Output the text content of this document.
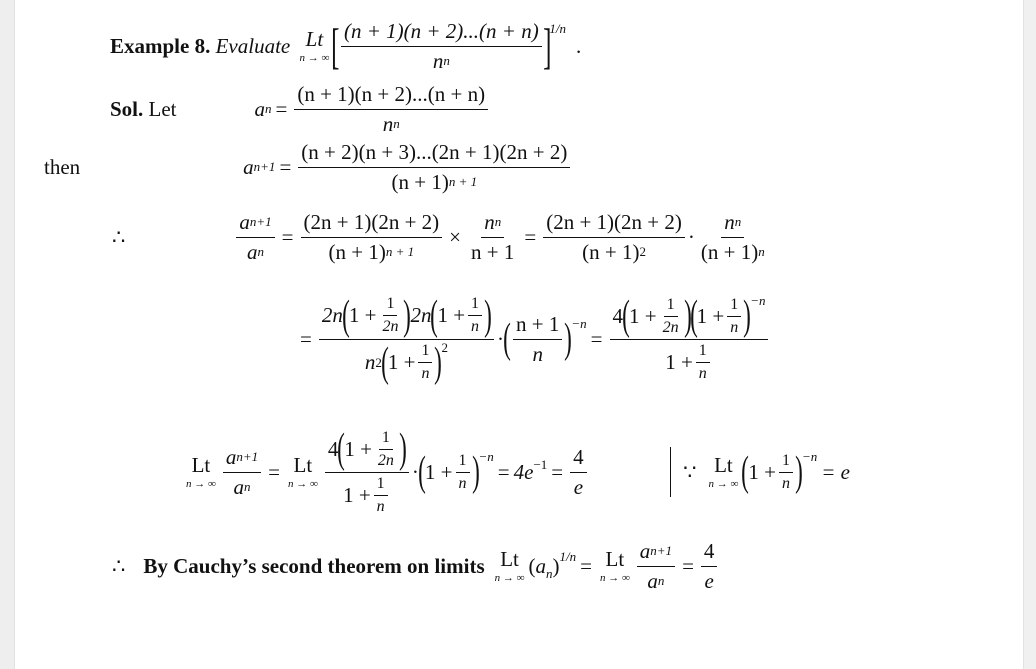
Example 8.
Evaluate
Lt
n → ∞ [ $\frac{(n + 1)(n + 2)...(n + n)}{\text{n n}}$ ]
1/n
.
Sol.
Let	a $n = \frac{(n + 1)(n + 2)...(n + n)}{\text{n n}}$
then	a $n+1 = \frac{(n + 2)(n + 3)...(2n + 1)(2n + 2)}{(n + 1) n + 1}$
∴	$\frac{\text{a n+1}}{\text{a n}} = \frac{(2n + 1)(2n + 2)}{(n + 1) n + 1} \times \frac{\text{n n}}{n + 1} = \frac{(2n + 1)(2n + 2)}{(n + 1) 2} \cdot \frac{\text{n n}}{(n + 1) n}$
=
2n ( $1 + \frac{1}{2n}$ ) 2n ( $1 + \frac{1}{n}$ )
n 2 ( $1 + \frac{1}{n}$ ) 2 · ( $\frac{n + 1}{n}$ ) −n
= 4 ( $1 + \frac{1}{2n}$ )
( $1 + \frac{1}{n}$ ) −n
$1 + \frac{1}{n}$
Lt
n → ∞ $\frac{\text{a n+1}}{\text{a n}} = Lt$
n → ∞ $\frac{4 ( 1 + \frac{1}{2n} )}{1 + \frac{1}{n}}$ · ( $1 + \frac{1}{n}$ ) −n
= $4e -1 = \frac{4}{e}$	∵ Lt
n → ∞ ( $1 + \frac{1}{n}$ ) −n
= e
∴ By Cauchy’s second theorem on limits Lt
n → ∞ $(a_n) 1/n = Lt$
n → ∞ $\frac{\text{a n+1}}{\text{a n}} = \frac{4}{e}$
